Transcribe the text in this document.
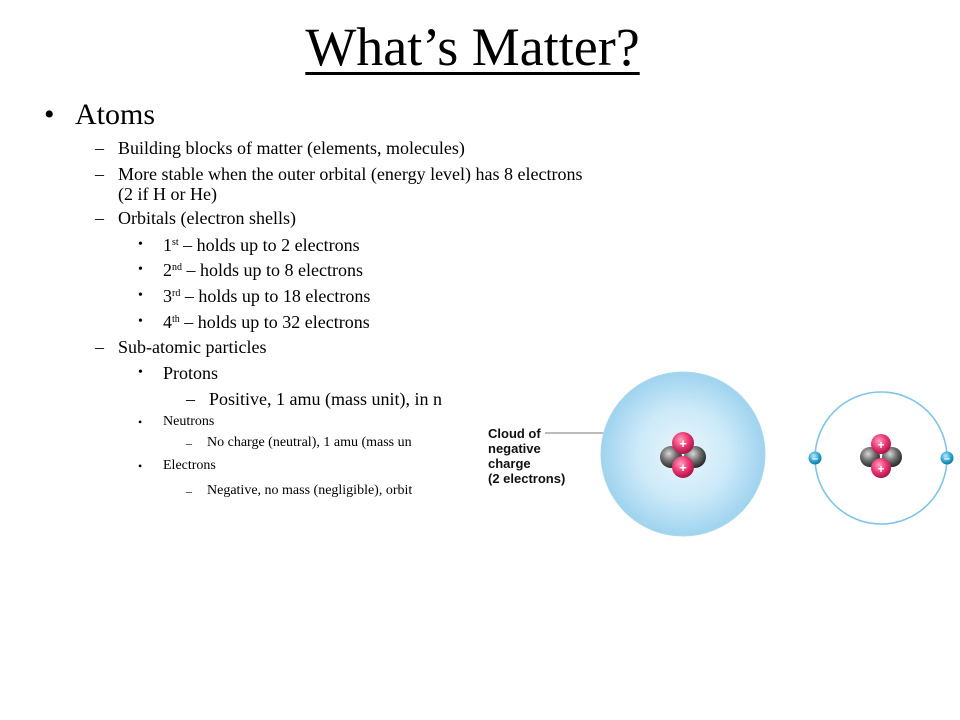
What’s Matter?
• Atoms
– Building blocks of matter (elements, molecules)
– More stable when the outer orbital (energy level) has 8 electrons
(2 if H or He)
– Orbitals (electron shells)
• 1st – holds up to 2 electrons
• 2nd – holds up to 8 electrons
• 3rd – holds up to 18 electrons
• 4th – holds up to 32 electrons
– Sub-atomic particles
• Protons
– Positive, 1 amu (mass unit), in n
• Neutrons
– No charge (neutral), 1 amu (mass un
• Electrons
– Negative, no mass (negligible), orbit
Cloud of
negative
charge
(2 electrons)
+
+
+
+
–	–
